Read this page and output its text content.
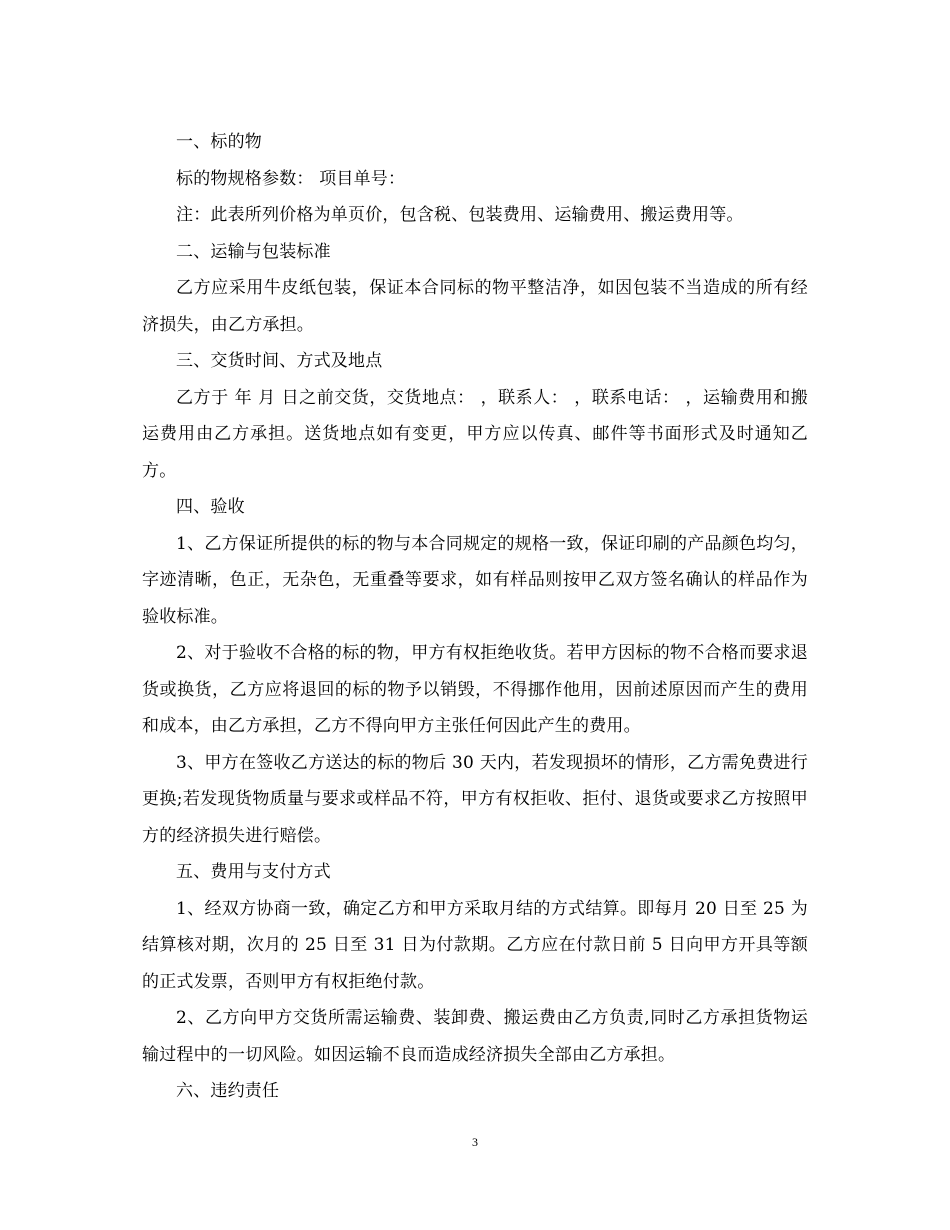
一、标的物

标的物规格参数： 项目单号：

注：此表所列价格为单页价，包含税、包装费用、运输费用、搬运费用等。

二、运输与包装标准

乙方应采用牛皮纸包装，保证本合同标的物平整洁净，如因包装不当造成的所有经济损失，由乙方承担。

三、交货时间、方式及地点

乙方于 年 月 日之前交货，交货地点： ，联系人： ，联系电话： ，运输费用和搬运费用由乙方承担。送货地点如有变更，甲方应以传真、邮件等书面形式及时通知乙方。

四、验收

1、乙方保证所提供的标的物与本合同规定的规格一致，保证印刷的产品颜色均匀，字迹清晰，色正，无杂色，无重叠等要求，如有样品则按甲乙双方签名确认的样品作为验收标准。

2、对于验收不合格的标的物，甲方有权拒绝收货。若甲方因标的物不合格而要求退货或换货，乙方应将退回的标的物予以销毁，不得挪作他用，因前述原因而产生的费用和成本，由乙方承担，乙方不得向甲方主张任何因此产生的费用。

3、甲方在签收乙方送达的标的物后 30 天内，若发现损坏的情形，乙方需免费进行更换;若发现货物质量与要求或样品不符，甲方有权拒收、拒付、退货或要求乙方按照甲方的经济损失进行赔偿。

五、费用与支付方式

1、经双方协商一致，确定乙方和甲方采取月结的方式结算。即每月 20 日至 25 为结算核对期，次月的 25 日至 31 日为付款期。乙方应在付款日前 5 日向甲方开具等额的正式发票，否则甲方有权拒绝付款。

2、乙方向甲方交货所需运输费、装卸费、搬运费由乙方负责,同时乙方承担货物运输过程中的一切风险。如因运输不良而造成经济损失全部由乙方承担。

六、违约责任

3
